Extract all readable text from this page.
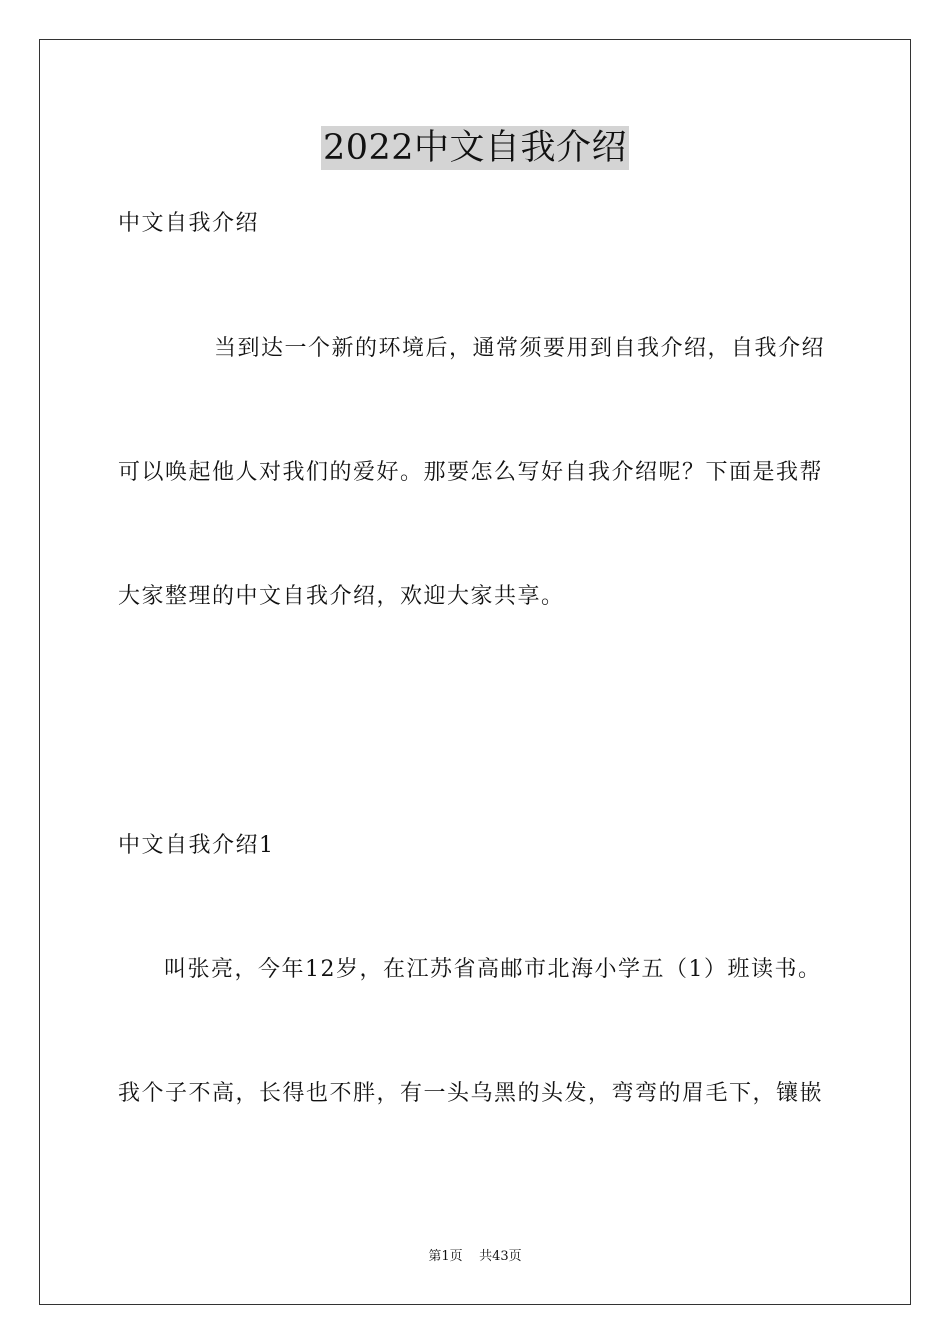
2022中文自我介绍
中文自我介绍
当到达一个新的环境后，通常须要用到自我介绍，自我介绍
可以唤起他人对我们的爱好。那要怎么写好自我介绍呢？下面是我帮
大家整理的中文自我介绍，欢迎大家共享。
中文自我介绍1
叫张亮，今年12岁，在江苏省高邮市北海小学五（1）班读书。
我个子不高，长得也不胖，有一头乌黑的头发，弯弯的眉毛下，镶嵌
第1页    共43页
